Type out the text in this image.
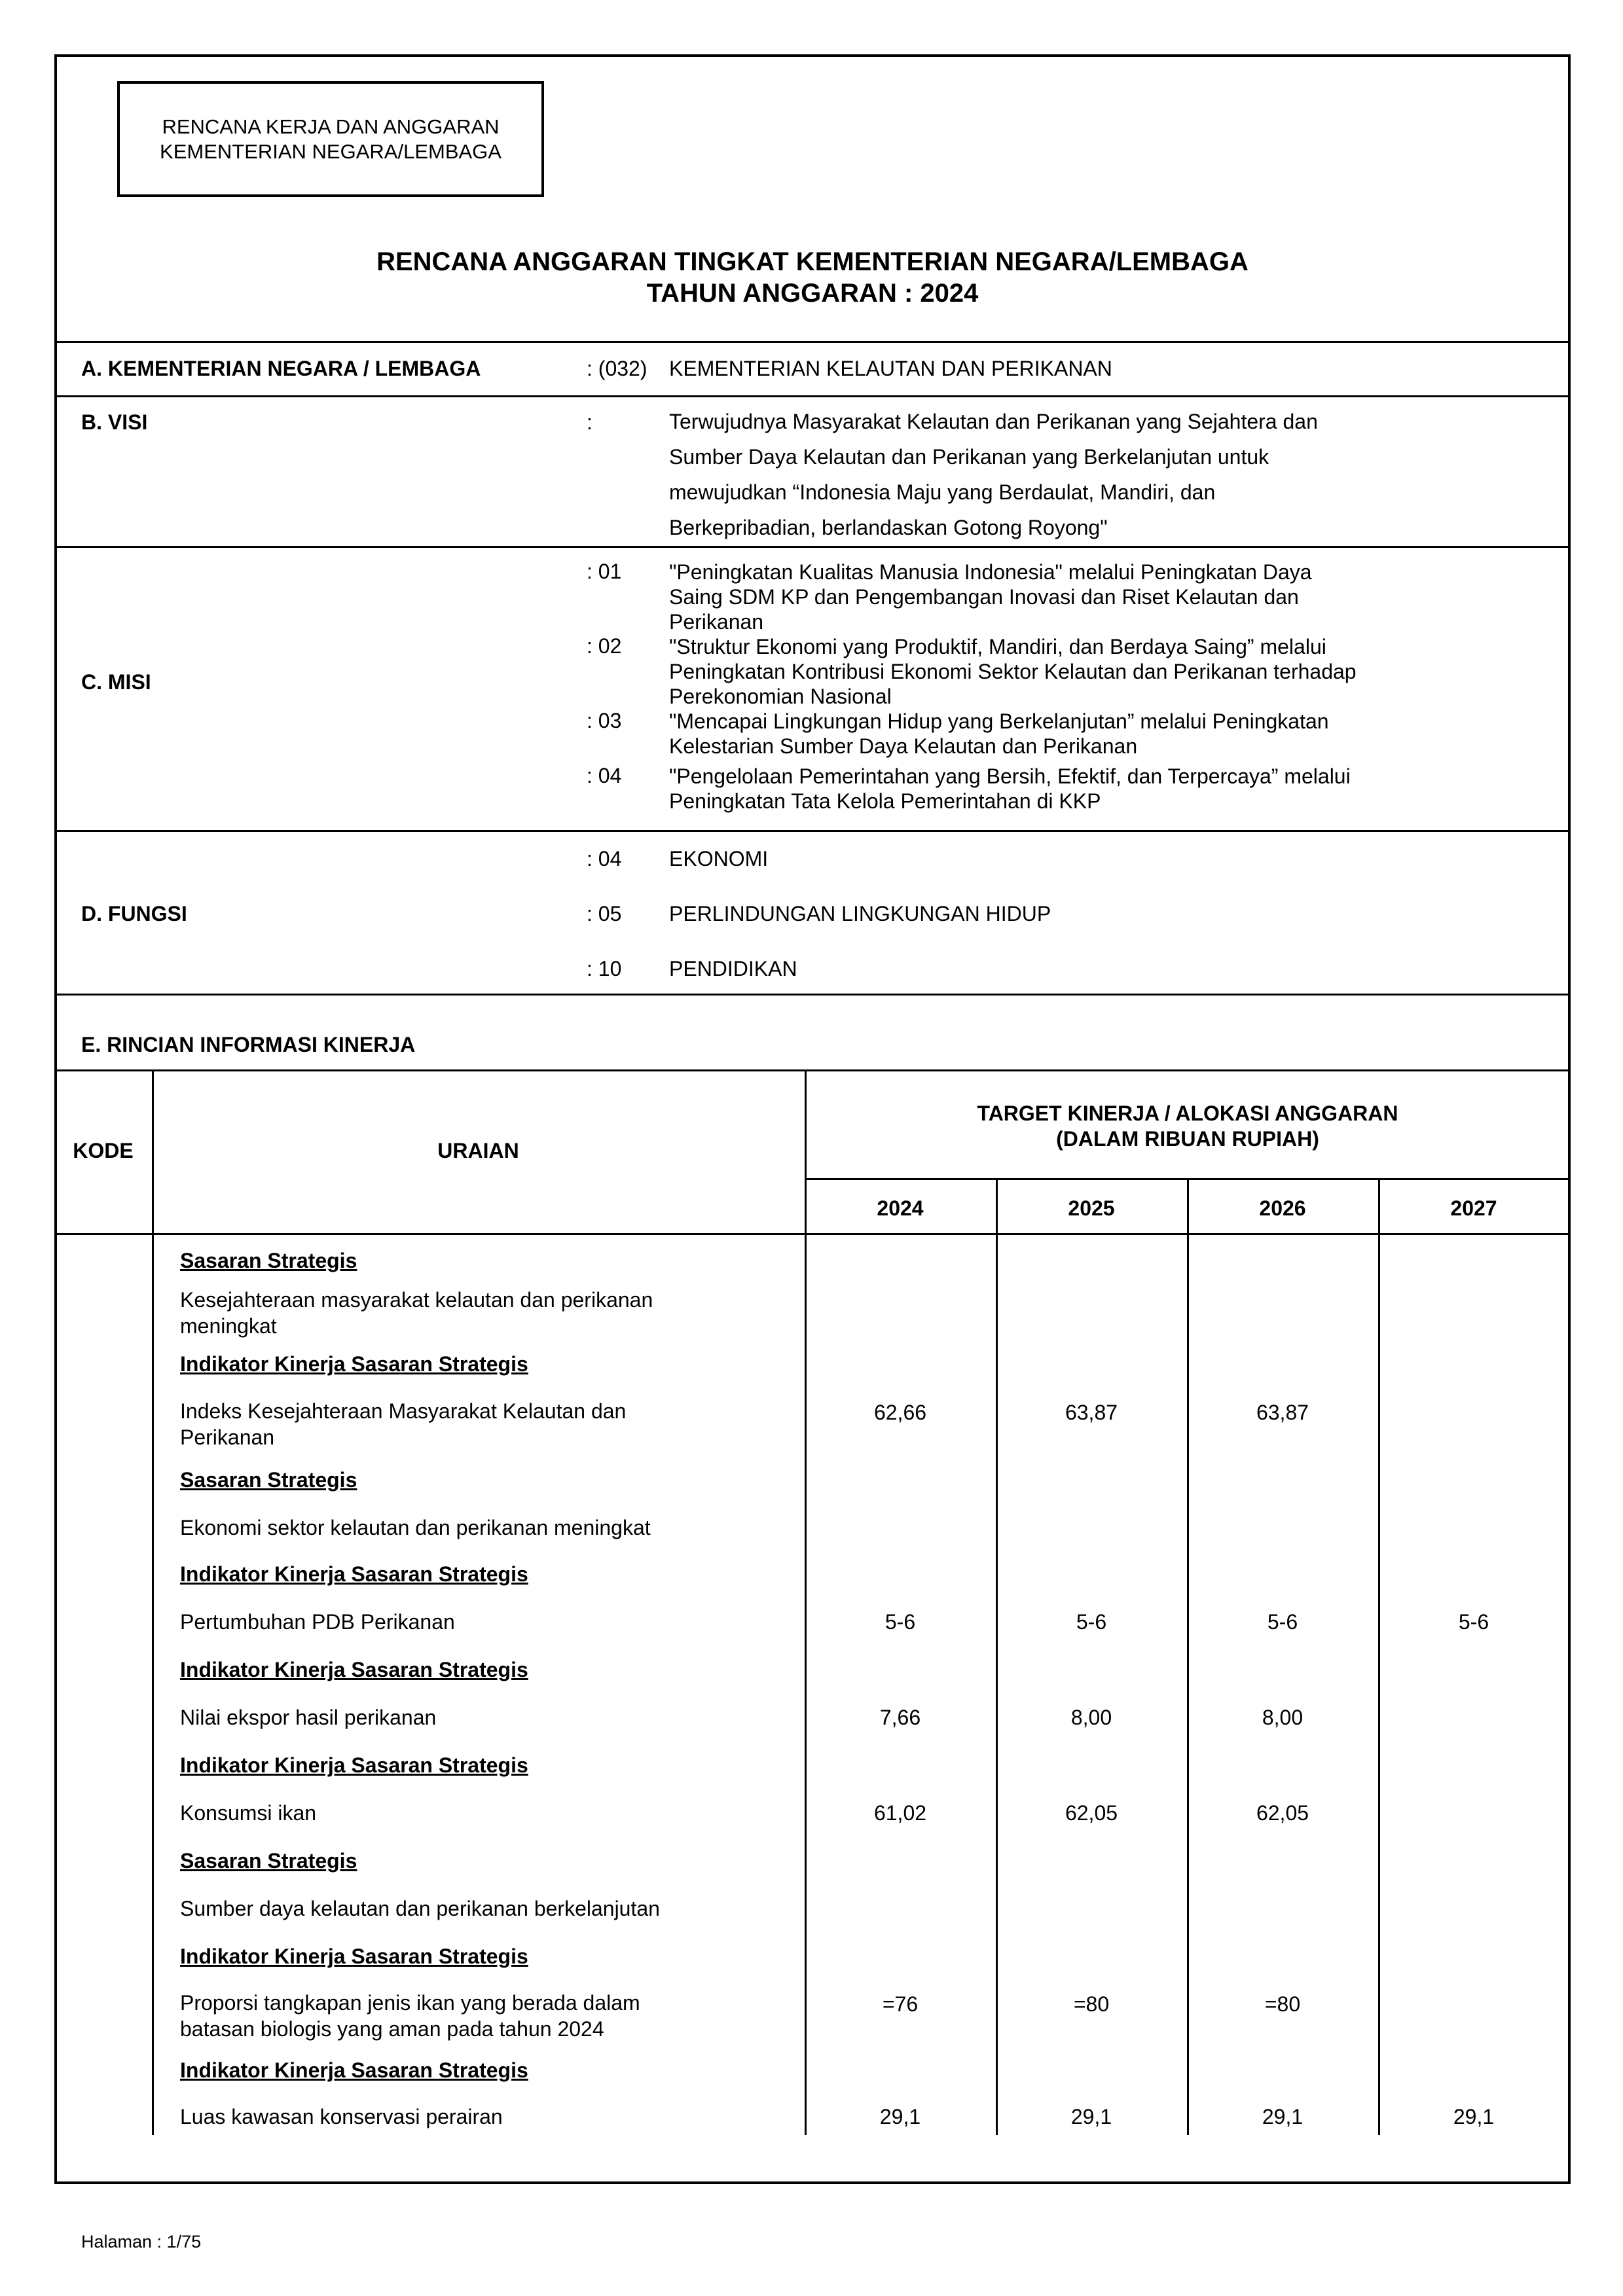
RENCANA KERJA DAN ANGGARAN
KEMENTERIAN NEGARA/LEMBAGA
RENCANA ANGGARAN TINGKAT KEMENTERIAN NEGARA/LEMBAGA
TAHUN ANGGARAN : 2024
A. KEMENTERIAN NEGARA / LEMBAGA	: (032) KEMENTERIAN KELAUTAN DAN PERIKANAN
B. VISI	:	Terwujudnya Masyarakat Kelautan dan Perikanan yang Sejahtera dan
Sumber Daya Kelautan dan Perikanan yang Berkelanjutan untuk
mewujudkan “Indonesia Maju yang Berdaulat, Mandiri, dan
Berkepribadian, berlandaskan Gotong Royong"
C. MISI
: 01 "Peningkatan Kualitas Manusia Indonesia" melalui Peningkatan Daya
Saing SDM KP dan Pengembangan Inovasi dan Riset Kelautan dan
Perikanan
: 02 "Struktur Ekonomi yang Produktif, Mandiri, dan Berdaya Saing” melalui
Peningkatan Kontribusi Ekonomi Sektor Kelautan dan Perikanan terhadap
Perekonomian Nasional
: 03 "Mencapai Lingkungan Hidup yang Berkelanjutan” melalui Peningkatan
Kelestarian Sumber Daya Kelautan dan Perikanan
: 04 "Pengelolaan Pemerintahan yang Bersih, Efektif, dan Terpercaya” melalui
Peningkatan Tata Kelola Pemerintahan di KKP
D. FUNGSI
: 04 EKONOMI
: 05 PERLINDUNGAN LINGKUNGAN HIDUP
: 10 PENDIDIKAN
E. RINCIAN INFORMASI KINERJA
KODE	URAIAN
TARGET KINERJA / ALOKASI ANGGARAN
(DALAM RIBUAN RUPIAH)
2024	2025	2026	2027
Sasaran Strategis
Kesejahteraan masyarakat kelautan dan perikanan
meningkat
Indikator Kinerja Sasaran Strategis
Indeks Kesejahteraan Masyarakat Kelautan dan
Perikanan
62,66	63,87	63,87
Sasaran Strategis
Ekonomi sektor kelautan dan perikanan meningkat
Indikator Kinerja Sasaran Strategis
Pertumbuhan PDB Perikanan	5-6	5-6	5-6	5-6
Indikator Kinerja Sasaran Strategis
Nilai ekspor hasil perikanan	7,66	8,00	8,00
Indikator Kinerja Sasaran Strategis
Konsumsi ikan	61,02	62,05	62,05
Sasaran Strategis
Sumber daya kelautan dan perikanan berkelanjutan
Indikator Kinerja Sasaran Strategis
Proporsi tangkapan jenis ikan yang berada dalam
batasan biologis yang aman pada tahun 2024
=76	=80	=80
Indikator Kinerja Sasaran Strategis
Luas kawasan konservasi perairan	29,1	29,1	29,1	29,1
Halaman : 1/75
